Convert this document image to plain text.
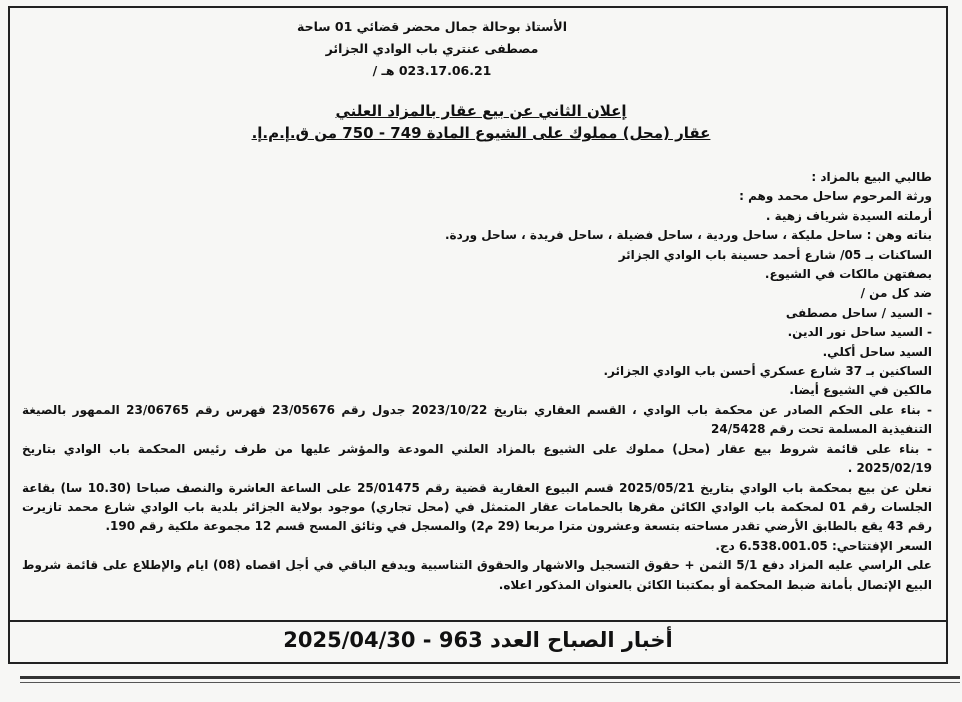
الأستاذ بوحالة جمال محضر قضائي 01 ساحة
مصطفى عنتري باب الوادي الجزائر
023.17.06.21 هـ /
إعلان الثاني عن بيع عقار بالمزاد العلني
عقار (محل) مملوك على الشيوع المادة 749 - 750 من ق.إ.م.إ.

طالبي البيع بالمزاد :

ورثة المرحوم ساحل محمد وهم :

أرملته السيدة شرياف زهية .

بناته وهن : ساحل مليكة ، ساحل وردية ، ساحل فضيلة ، ساحل فريدة ، ساحل وردة.

الساكنات بـ 05/ شارع أحمد حسينة باب الوادي الجزائر

بصفتهن مالكات في الشيوع.

ضد كل من /

- السيد / ساحل مصطفى

- السيد ساحل نور الدين.

السيد ساحل أكلي.

الساكنين بـ 37 شارع عسكري أحسن باب الوادي الجزائر.

مالكين في الشيوع أيضا.

- بناء على الحكم الصادر عن محكمة باب الوادي ، القسم العقاري بتاريخ 2023/10/22 جدول رقم 23/05676 فهرس رقم 23/06765 الممهور بالصيغة التنفيذية المسلمة تحت رقم 24/5428

- بناء على قائمة شروط بيع عقار (محل) مملوك على الشيوع بالمزاد العلني المودعة والمؤشر عليها من طرف رئيس المحكمة باب الوادي بتاريخ 2025/02/19 .

نعلن عن بيع بمحكمة باب الوادي بتاريخ 2025/05/21 قسم البيوع العقارية قضية رقم 25/01475 على الساعة العاشرة والنصف صباحا (10.30 سا) بقاعة الجلسات رقم 01 لمحكمة باب الوادي الكائن مقرها بالحمامات عقار المتمثل في (محل تجاري) موجود بولاية الجزائر بلدية باب الوادي شارع محمد تازيرت رقم 43 يقع بالطابق الأرضي تقدر مساحته بتسعة وعشرون مترا مربعا (29 م2) والمسجل في وثائق المسح قسم 12 مجموعة ملكية رقم 190.

السعر الإفتتاحي: 6.538.001.05 دج.

على الراسي عليه المزاد دفع 5/1 الثمن + حقوق التسجيل والاشهار والحقوق التناسبية ويدفع الباقي في أجل اقصاه (08) ايام والإطلاع على قائمة شروط البيع الإتصال بأمانة ضبط المحكمة أو بمكتبنا الكائن بالعنوان المذكور اعلاه.

أخبار الصباح العدد 963 - 2025/04/30
